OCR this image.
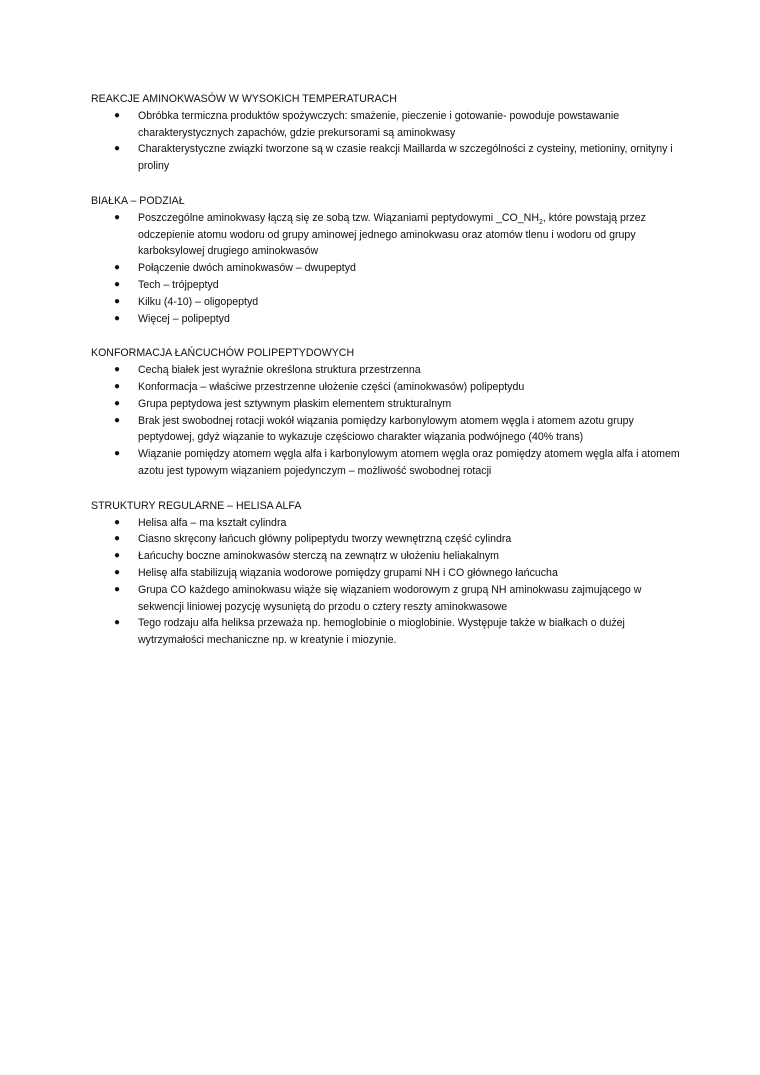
REAKCJE AMINOKWASÓW W WYSOKICH TEMPERATURACH

● Obróbka termiczna produktów spożywczych: smażenie, pieczenie i gotowanie- powoduje powstawanie charakterystycznych zapachów, gdzie prekursorami są aminokwasy
● Charakterystyczne związki tworzone są w czasie reakcji Maillarda w szczególności z cysteiny, metioniny, ornityny i proliny

BIAŁKA – PODZIAŁ

● Poszczególne aminokwasy łączą się ze sobą tzw. Wiązaniami peptydowymi $\_CO\_NH_2$, które powstają przez odczepienie atomu wodoru od grupy aminowej jednego aminokwasu oraz atomów tlenu i wodoru od grupy karboksylowej drugiego aminokwasów
● Połączenie dwóch aminokwasów – dwupeptyd
● Tech – trójpeptyd
● Kilku (4-10) – oligopeptyd
● Więcej – polipeptyd

KONFORMACJA ŁAŃCUCHÓW POLIPEPTYDOWYCH

● Cechą białek jest wyraźnie określona struktura przestrzenna
● Konformacja – właściwe przestrzenne ułożenie części (aminokwasów) polipeptydu
● Grupa peptydowa jest sztywnym płaskim elementem strukturalnym
● Brak jest swobodnej rotacji wokół wiązania pomiędzy karbonylowym atomem węgla i atomem azotu grupy peptydowej, gdyż wiązanie to wykazuje częściowo charakter wiązania podwójnego (40% trans)
● Wiązanie pomiędzy atomem węgla alfa i karbonylowym atomem węgla oraz pomiędzy atomem węgla alfa i atomem azotu jest typowym wiązaniem pojedynczym – możliwość swobodnej rotacji

STRUKTURY REGULARNE – HELISA ALFA

● Helisa alfa – ma kształt cylindra
● Ciasno skręcony łańcuch główny polipeptydu tworzy wewnętrzną część cylindra
● Łańcuchy boczne aminokwasów sterczą na zewnątrz w ułożeniu heliakalnym
● Helisę alfa stabilizują wiązania wodorowe pomiędzy grupami NH i CO głównego łańcucha
● Grupa CO każdego aminokwasu wiąże się wiązaniem wodorowym z grupą NH aminokwasu zajmującego w sekwencji liniowej pozycję wysuniętą do przodu o cztery reszty aminokwasowe
● Tego rodzaju alfa heliksa przeważa np. hemoglobinie o mioglobinie. Występuje także w białkach o dużej wytrzymałości mechaniczne np. w kreatynie i miozynie.
